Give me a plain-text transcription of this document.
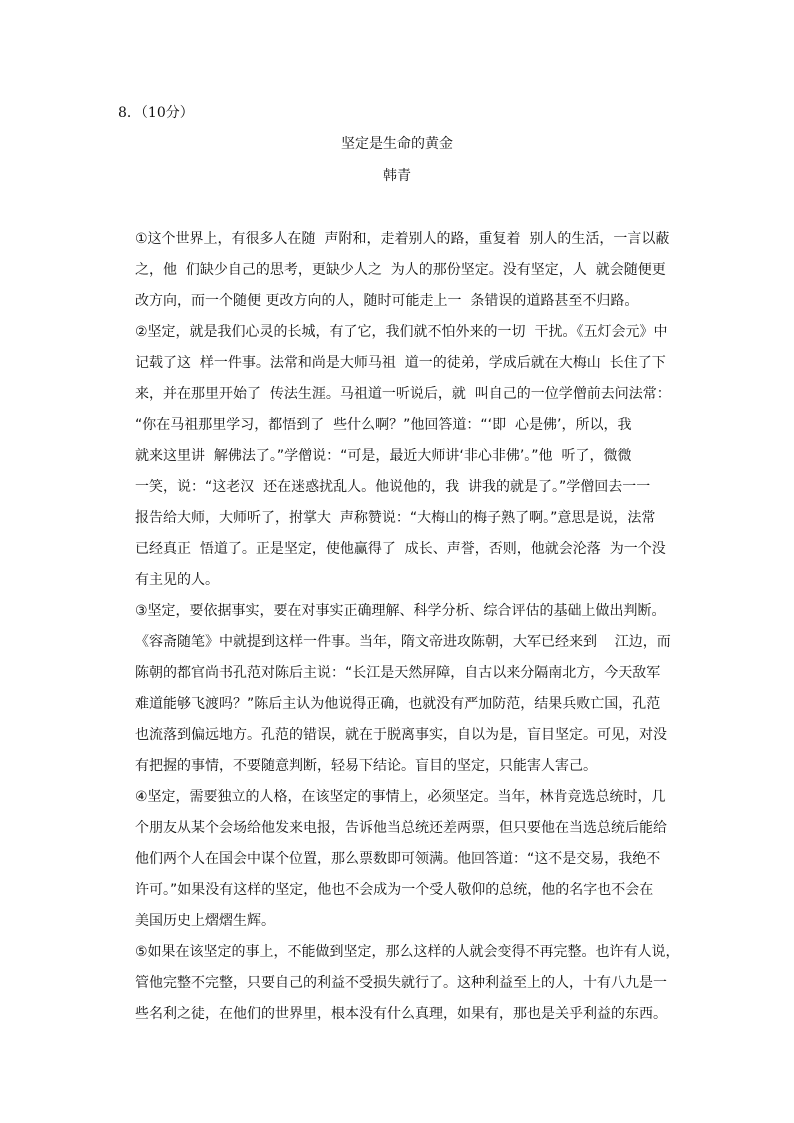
8．（10分）
坚定是生命的黄金
韩青
①这个世界上，有很多人在随  声附和，走着别人的路，重复着  别人的生活，一言以蔽
之，他  们缺少自己的思考，更缺少人之  为人的那份坚定。没有坚定，人  就会随便更
改方向，而一个随便 更改方向的人，随时可能走上一  条错误的道路甚至不归路。
②坚定，就是我们心灵的长城，有了它，我们就不怕外来的一切  干扰。《五灯会元》中
记载了这  样一件事。法常和尚是大师马祖  道一的徒弟，学成后就在大梅山  长住了下
来，并在那里开始了  传法生涯。马祖道一听说后，就  叫自己的一位学僧前去问法常：
“你在马祖那里学习，都悟到了  些什么啊？”他回答道：“‘即  心是佛’，所以，我
就来这里讲  解佛法了。”学僧说：“可是，最近大师讲‘非心非佛’。”他  听了，微微
一笑，说：“这老汉  还在迷惑扰乱人。他说他的，我  讲我的就是了。”学僧回去一一
报告给大师，大师听了，拊掌大  声称赞说：“大梅山的梅子熟了啊。”意思是说，法常
已经真正  悟道了。正是坚定，使他赢得了  成长、声誉，否则，他就会沦落  为一个没
有主见的人。
③坚定，要依据事实，要在对事实正确理解、科学分析、综合评估的基础上做出判断。
《容斋随笔》中就提到这样一件事。当年，隋文帝进攻陈朝，大军已经来到    江边，而
陈朝的都官尚书孔范对陈后主说：“长江是天然屏障，自古以来分隔南北方，今天敌军
难道能够飞渡吗？”陈后主认为他说得正确，也就没有严加防范，结果兵败亡国，孔范
也流落到偏远地方。孔范的错误，就在于脱离事实，自以为是，盲目坚定。可见，对没
有把握的事情，不要随意判断，轻易下结论。盲目的坚定，只能害人害己。
④坚定，需要独立的人格，在该坚定的事情上，必须坚定。当年，林肯竞选总统时，几
个朋友从某个会场给他发来电报，告诉他当总统还差两票，但只要他在当选总统后能给
他们两个人在国会中谋个位置，那么票数即可领满。他回答道：“这不是交易，我绝不
许可。”如果没有这样的坚定，他也不会成为一个受人敬仰的总统，他的名字也不会在
美国历史上熠熠生辉。
⑤如果在该坚定的事上，不能做到坚定，那么这样的人就会变得不再完整。也许有人说，
管他完整不完整，只要自己的利益不受损失就行了。这种利益至上的人，十有八九是一
些名利之徒，在他们的世界里，根本没有什么真理，如果有，那也是关乎利益的东西。
